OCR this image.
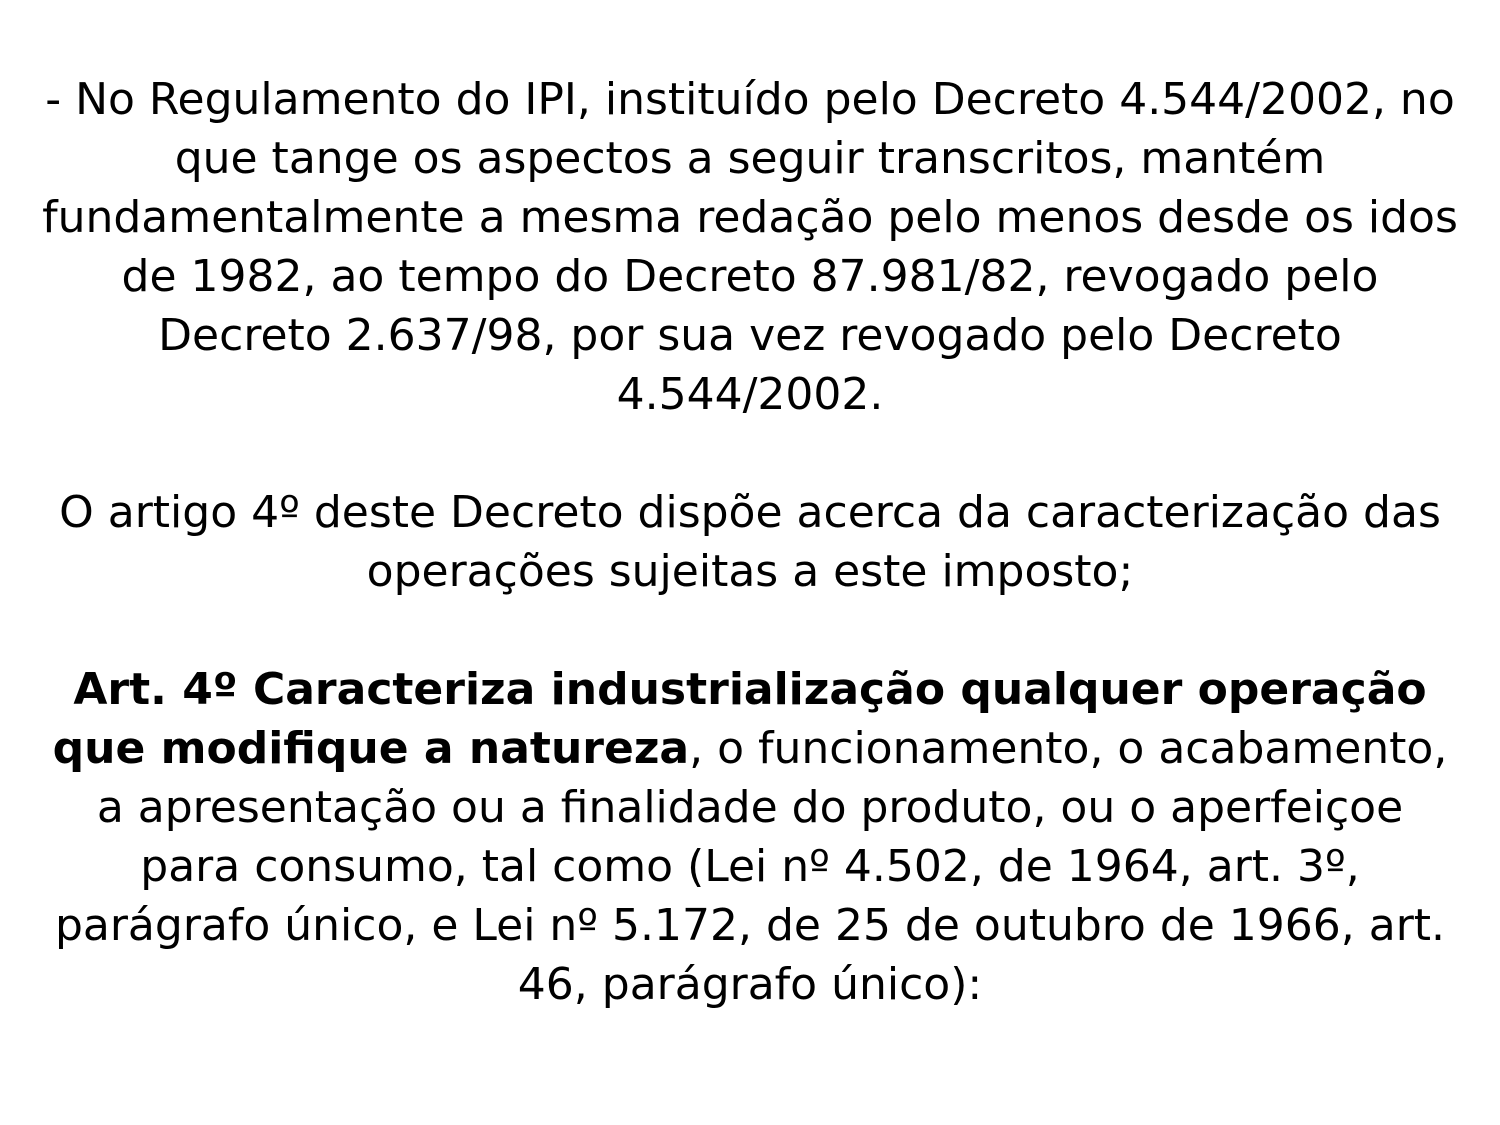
- No Regulamento do IPI, instituído pelo Decreto 4.544/2002, no que tange os aspectos a seguir transcritos, mantém fundamentalmente a mesma redação pelo menos desde os idos de 1982, ao tempo do Decreto 87.981/82, revogado pelo Decreto 2.637/98, por sua vez revogado pelo Decreto 4.544/2002.

O artigo 4º deste Decreto dispõe acerca da caracterização das operações sujeitas a este imposto;

Art. 4º Caracteriza industrialização qualquer operação que modifique a natureza, o funcionamento, o acabamento, a apresentação ou a finalidade do produto, ou o aperfeiçoe para consumo, tal como (Lei nº 4.502, de 1964, art. 3º, parágrafo único, e Lei nº 5.172, de 25 de outubro de 1966, art. 46, parágrafo único):
